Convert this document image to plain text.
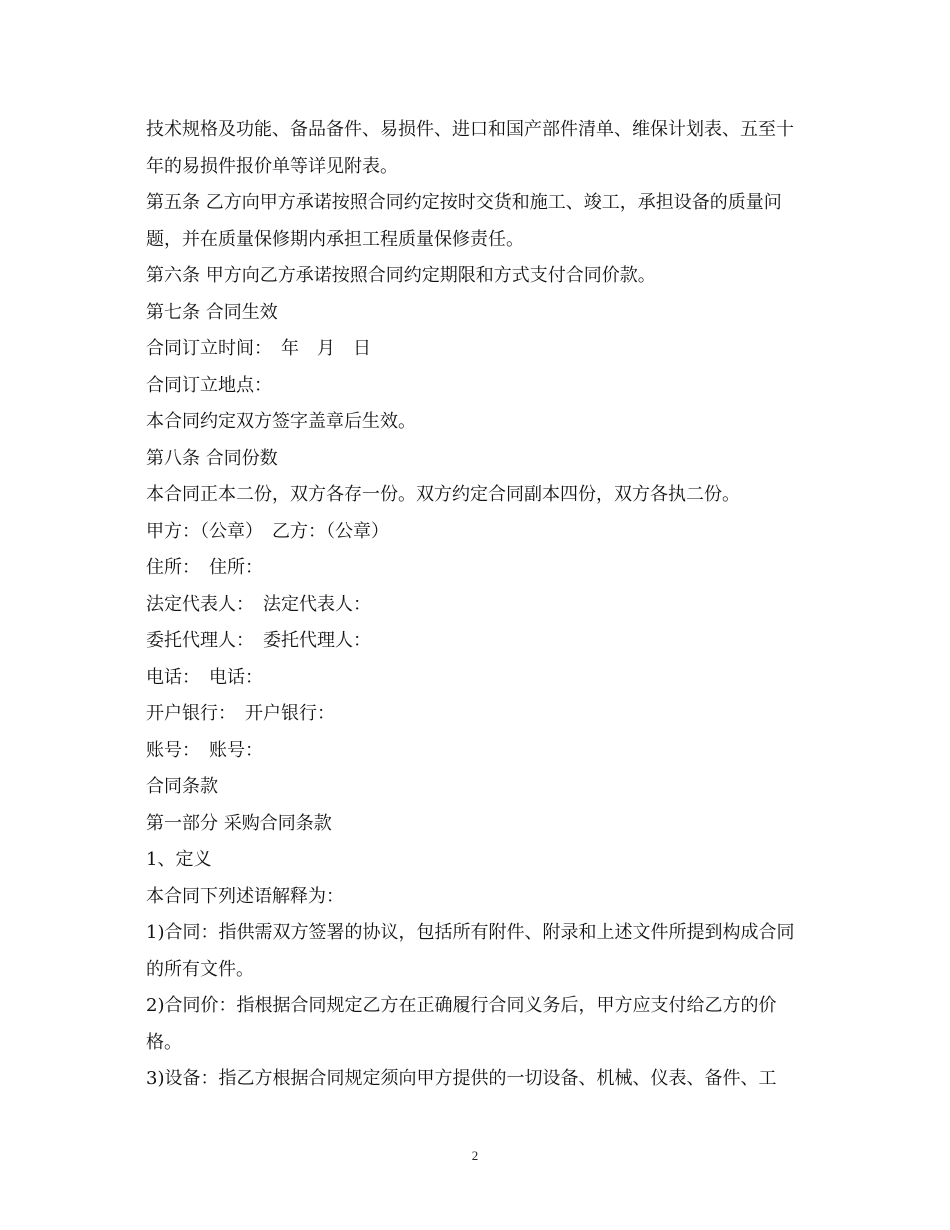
技术规格及功能、备品备件、易损件、进口和国产部件清单、维保计划表、五至十年的易损件报价单等详见附表。

第五条 乙方向甲方承诺按照合同约定按时交货和施工、竣工，承担设备的质量问题，并在质量保修期内承担工程质量保修责任。

第六条 甲方向乙方承诺按照合同约定期限和方式支付合同价款。

第七条 合同生效

合同订立时间：　年　月　日

合同订立地点：

本合同约定双方签字盖章后生效。

第八条 合同份数

本合同正本二份，双方各存一份。双方约定合同副本四份，双方各执二份。

甲方：（公章）　乙方：（公章）

住所：　住所：

法定代表人：　法定代表人：

委托代理人：　委托代理人：

电话：　电话：

开户银行：　开户银行：

账号：　账号：

合同条款

第一部分 采购合同条款

1、定义

本合同下列述语解释为：

1)合同：指供需双方签署的协议，包括所有附件、附录和上述文件所提到构成合同的所有文件。

2)合同价：指根据合同规定乙方在正确履行合同义务后，甲方应支付给乙方的价格。

3)设备：指乙方根据合同规定须向甲方提供的一切设备、机械、仪表、备件、工

2
